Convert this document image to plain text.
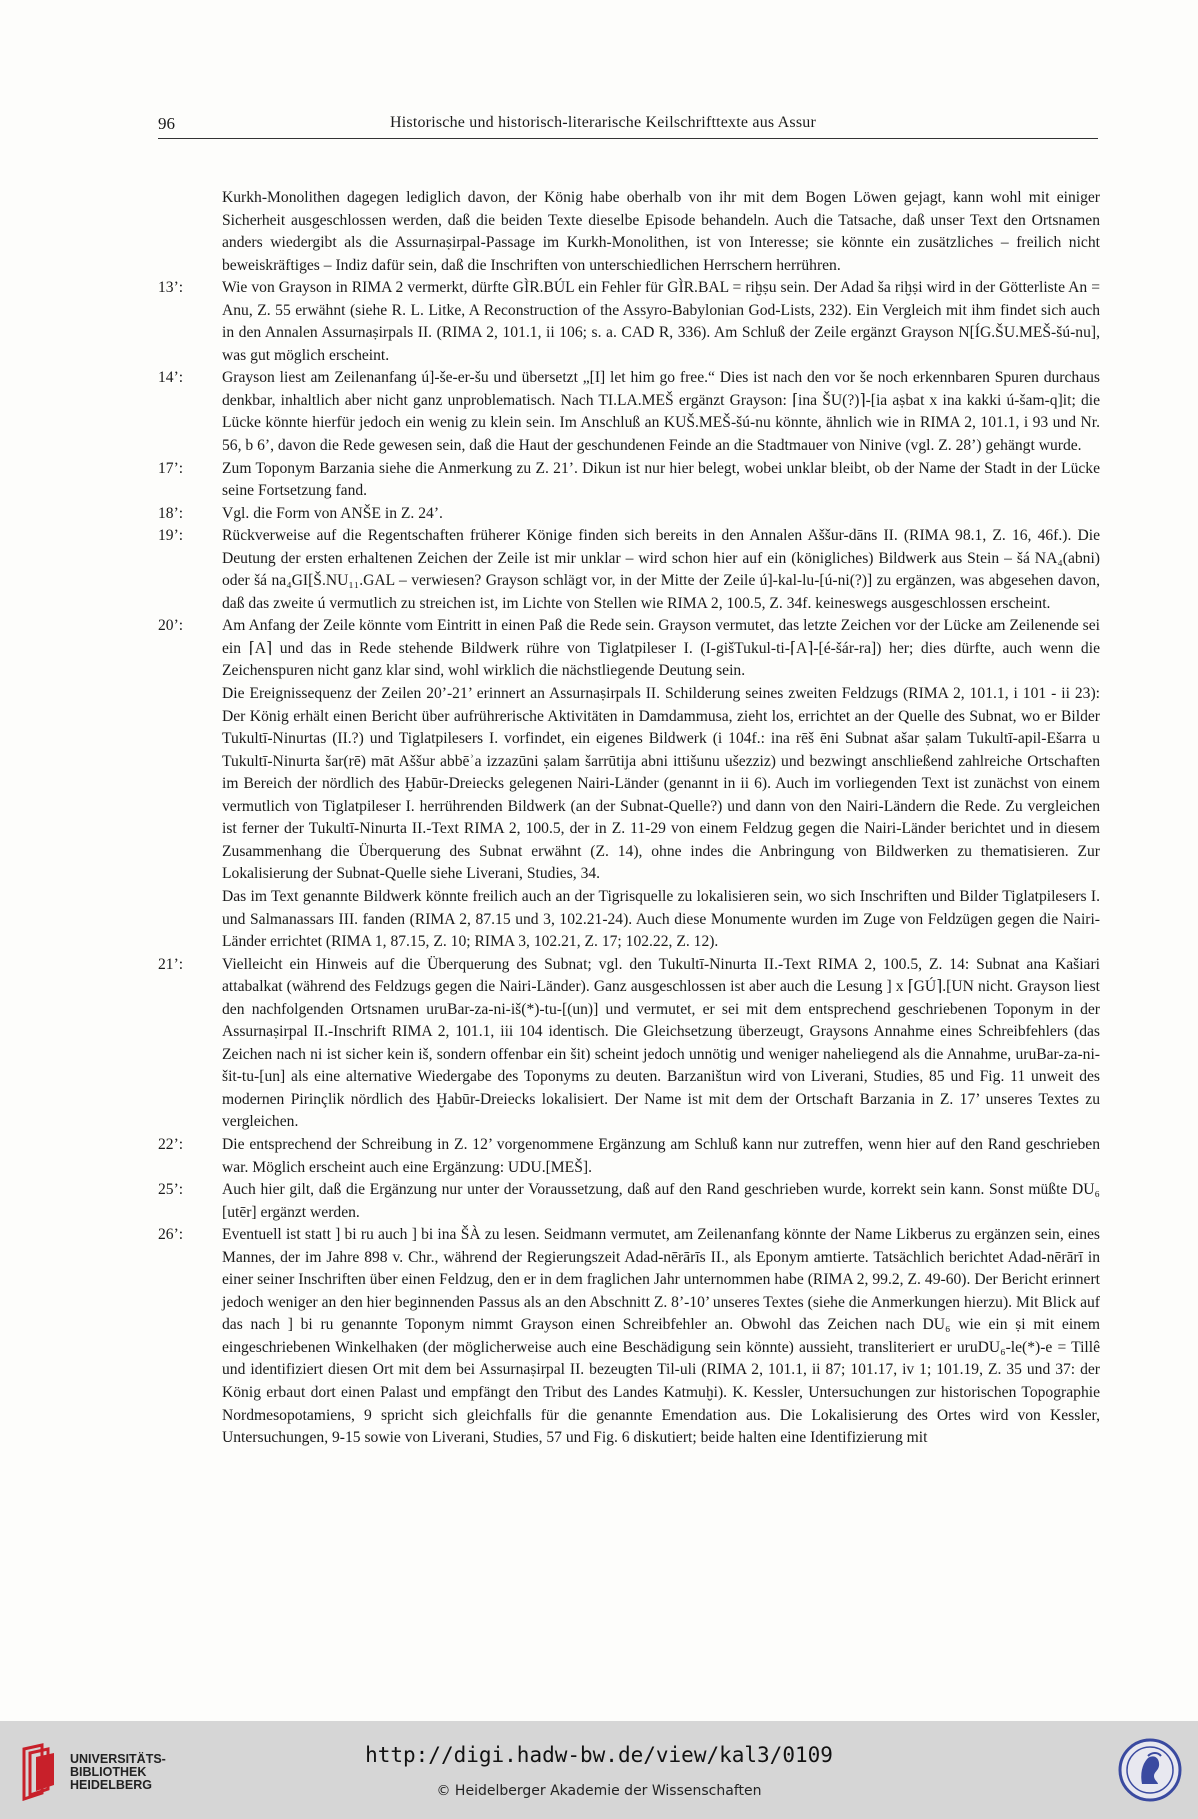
96	Historische und historisch-literarische Keilschrifttexte aus Assur

Kurkh-Monolithen dagegen lediglich davon, der König habe oberhalb von ihr mit dem Bogen Löwen gejagt, kann wohl mit einiger Sicherheit ausgeschlossen werden, daß die beiden Texte dieselbe Episode behandeln. Auch die Tatsache, daß unser Text den Ortsnamen anders wiedergibt als die Assurnaṣirpal-Passage im Kurkh-Monolithen, ist von Interesse; sie könnte ein zusätzliches – freilich nicht beweiskräftiges – Indiz dafür sein, daß die Inschriften von unterschiedlichen Herrschern herrühren.

13’:	Wie von Grayson in RIMA 2 vermerkt, dürfte GÌR.BÚL ein Fehler für GÌR.BAL = riḫṣu sein. Der Adad ša riḫṣi wird in der Götterliste An = Anu, Z. 55 erwähnt (siehe R. L. Litke, A Reconstruction of the Assyro-Babylonian God-Lists, 232). Ein Vergleich mit ihm findet sich auch in den Annalen Assurnaṣirpals II. (RIMA 2, 101.1, ii 106; s. a. CAD R, 336). Am Schluß der Zeile ergänzt Grayson N[ÍG.ŠU.MEŠ-šú-nu], was gut möglich erscheint.
14’:	Grayson liest am Zeilenanfang ú]-še-er-šu und übersetzt „[I] let him go free.“ Dies ist nach den vor še noch erkennbaren Spuren durchaus denkbar, inhaltlich aber nicht ganz unproblematisch. Nach TI.LA.MEŠ ergänzt Grayson: ⌈ina ŠU(?)⌉-[ia aṣbat x ina kakki ú-šam-q]it; die Lücke könnte hierfür jedoch ein wenig zu klein sein. Im Anschluß an KUŠ.MEŠ-šú-nu könnte, ähnlich wie in RIMA 2, 101.1, i 93 und Nr. 56, b 6’, davon die Rede gewesen sein, daß die Haut der geschundenen Feinde an die Stadtmauer von Ninive (vgl. Z. 28’) gehängt wurde.
17’:	Zum Toponym Barzania siehe die Anmerkung zu Z. 21’. Dikun ist nur hier belegt, wobei unklar bleibt, ob der Name der Stadt in der Lücke seine Fortsetzung fand.
18’:	Vgl. die Form von ANŠE in Z. 24’.
19’:	Rückverweise auf die Regentschaften früherer Könige finden sich bereits in den Annalen Aššur-dāns II. (RIMA 98.1, Z. 16, 46f.). Die Deutung der ersten erhaltenen Zeichen der Zeile ist mir unklar – wird schon hier auf ein (königliches) Bildwerk aus Stein – šá NA₄(abni) oder šá na₄GI[Š.NU₁₁.GAL – verwiesen? Grayson schlägt vor, in der Mitte der Zeile ú]-kal-lu-[ú-ni(?)] zu ergänzen, was abgesehen davon, daß das zweite ú vermutlich zu streichen ist, im Lichte von Stellen wie RIMA 2, 100.5, Z. 34f. keineswegs ausgeschlossen erscheint.
20’:	Am Anfang der Zeile könnte vom Eintritt in einen Paß die Rede sein. Grayson vermutet, das letzte Zeichen vor der Lücke am Zeilenende sei ein ⌈A⌉ und das in Rede stehende Bildwerk rühre von Tiglatpileser I. (I-gišTukul-ti-⌈A⌉-[é-šár-ra]) her; dies dürfte, auch wenn die Zeichenspuren nicht ganz klar sind, wohl wirklich die nächstliegende Deutung sein.

Die Ereignissequenz der Zeilen 20’-21’ erinnert an Assurnaṣirpals II. Schilderung seines zweiten Feldzugs (RIMA 2, 101.1, i 101 - ii 23): Der König erhält einen Bericht über aufrührerische Aktivitäten in Damdammusa, zieht los, errichtet an der Quelle des Subnat, wo er Bilder Tukultī-Ninurtas (II.?) und Tiglatpilesers I. vorfindet, ein eigenes Bildwerk (i 104f.: ina rēš ēni Subnat ašar ṣalam Tukultī-apil-Ešarra u Tukultī-Ninurta šar(rē) māt Aššur abbēʾa izzazūni ṣalam šarrūtija abni ittišunu ušezziz) und bezwingt anschließend zahlreiche Ortschaften im Bereich der nördlich des Ḫabūr-Dreiecks gelegenen Nairi-Länder (genannt in ii 6). Auch im vorliegenden Text ist zunächst von einem vermutlich von Tiglatpileser I. herrührenden Bildwerk (an der Subnat-Quelle?) und dann von den Nairi-Ländern die Rede. Zu vergleichen ist ferner der Tukultī-Ninurta II.-Text RIMA 2, 100.5, der in Z. 11-29 von einem Feldzug gegen die Nairi-Länder berichtet und in diesem Zusammenhang die Überquerung des Subnat erwähnt (Z. 14), ohne indes die Anbringung von Bildwerken zu thematisieren. Zur Lokalisierung der Subnat-Quelle siehe Liverani, Studies, 34.

Das im Text genannte Bildwerk könnte freilich auch an der Tigrisquelle zu lokalisieren sein, wo sich Inschriften und Bilder Tiglatpilesers I. und Salmanassars III. fanden (RIMA 2, 87.15 und 3, 102.21-24). Auch diese Monumente wurden im Zuge von Feldzügen gegen die Nairi-Länder errichtet (RIMA 1, 87.15, Z. 10; RIMA 3, 102.21, Z. 17; 102.22, Z. 12).

21’:	Vielleicht ein Hinweis auf die Überquerung des Subnat; vgl. den Tukultī-Ninurta II.-Text RIMA 2, 100.5, Z. 14: Subnat ana Kašiari attabalkat (während des Feldzugs gegen die Nairi-Länder). Ganz ausgeschlossen ist aber auch die Lesung ] x ⌈GÚ⌉.[UN nicht. Grayson liest den nachfolgenden Ortsnamen uruBar-za-ni-iš(*)-tu-[(un)] und vermutet, er sei mit dem entsprechend geschriebenen Toponym in der Assurnaṣirpal II.-Inschrift RIMA 2, 101.1, iii 104 identisch. Die Gleichsetzung überzeugt, Graysons Annahme eines Schreibfehlers (das Zeichen nach ni ist sicher kein iš, sondern offenbar ein šit) scheint jedoch unnötig und weniger naheliegend als die Annahme, uruBar-za-ni-šit-tu-[un] als eine alternative Wiedergabe des Toponyms zu deuten. Barzaništun wird von Liverani, Studies, 85 und Fig. 11 unweit des modernen Pirinçlik nördlich des Ḫabūr-Dreiecks lokalisiert. Der Name ist mit dem der Ortschaft Barzania in Z. 17’ unseres Textes zu vergleichen.
22’:	Die entsprechend der Schreibung in Z. 12’ vorgenommene Ergänzung am Schluß kann nur zutreffen, wenn hier auf den Rand geschrieben war. Möglich erscheint auch eine Ergänzung: UDU.[MEŠ].
25’:	Auch hier gilt, daß die Ergänzung nur unter der Voraussetzung, daß auf den Rand geschrieben wurde, korrekt sein kann. Sonst müßte DU₆ [utēr] ergänzt werden.
26’:	Eventuell ist statt ] bi ru auch ] bi ina ŠÀ zu lesen. Seidmann vermutet, am Zeilenanfang könnte der Name Likberus zu ergänzen sein, eines Mannes, der im Jahre 898 v. Chr., während der Regierungszeit Adad-nērārīs II., als Eponym amtierte. Tatsächlich berichtet Adad-nērārī in einer seiner Inschriften über einen Feldzug, den er in dem fraglichen Jahr unternommen habe (RIMA 2, 99.2, Z. 49-60). Der Bericht erinnert jedoch weniger an den hier beginnenden Passus als an den Abschnitt Z. 8’-10’ unseres Textes (siehe die Anmerkungen hierzu). Mit Blick auf das nach ] bi ru genannte Toponym nimmt Grayson einen Schreibfehler an. Obwohl das Zeichen nach DU₆ wie ein ṣi mit einem eingeschriebenen Winkelhaken (der möglicherweise auch eine Beschädigung sein könnte) aussieht, transliteriert er uruDU₆-le(*)-e = Tillê und identifiziert diesen Ort mit dem bei Assurnaṣirpal II. bezeugten Til-uli (RIMA 2, 101.1, ii 87; 101.17, iv 1; 101.19, Z. 35 und 37: der König erbaut dort einen Palast und empfängt den Tribut des Landes Katmuḫi). K. Kessler, Untersuchungen zur historischen Topographie Nordmesopotamiens, 9 spricht sich gleichfalls für die genannte Emendation aus. Die Lokalisierung des Ortes wird von Kessler, Untersuchungen, 9-15 sowie von Liverani, Studies, 57 und Fig. 6 diskutiert; beide halten eine Identifizierung mit
UNIVERSITÄTS-
BIBLIOTHEK
HEIDELBERG
http://digi.hadw-bw.de/view/kal3/0109
© Heidelberger Akademie der Wissenschaften
